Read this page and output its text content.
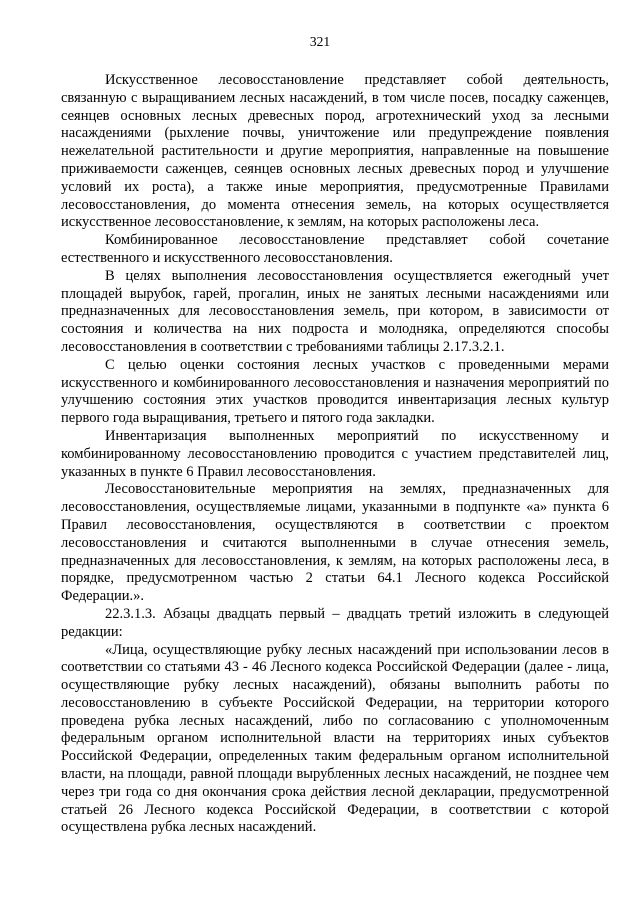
321

Искусственное лесовосстановление представляет собой деятельность, связанную с выращиванием лесных насаждений, в том числе посев, посадку саженцев, сеянцев основных лесных древесных пород, агротехнический уход за лесными насаждениями (рыхление почвы, уничтожение или предупреждение появления нежелательной растительности и другие мероприятия, направленные на повышение приживаемости саженцев, сеянцев основных лесных древесных пород и улучшение условий их роста), а также иные мероприятия, предусмотренные Правилами лесовосстановления, до момента отнесения земель, на которых осуществляется искусственное лесовосстановление, к землям, на которых расположены леса.

Комбинированное лесовосстановление представляет собой сочетание естественного и искусственного лесовосстановления.

В целях выполнения лесовосстановления осуществляется ежегодный учет площадей вырубок, гарей, прогалин, иных не занятых лесными насаждениями или предназначенных для лесовосстановления земель, при котором, в зависимости от состояния и количества на них подроста и молодняка, определяются способы лесовосстановления в соответствии с требованиями таблицы 2.17.3.2.1.

С целью оценки состояния лесных участков с проведенными мерами искусственного и комбинированного лесовосстановления и назначения мероприятий по улучшению состояния этих участков проводится инвентаризация лесных культур первого года выращивания, третьего и пятого года закладки.

Инвентаризация выполненных мероприятий по искусственному и комбинированному лесовосстановлению проводится с участием представителей лиц, указанных в пункте 6 Правил лесовосстановления.

Лесовосстановительные мероприятия на землях, предназначенных для лесовосстановления, осуществляемые лицами, указанными в подпункте «а» пункта 6 Правил лесовосстановления, осуществляются в соответствии с проектом лесовосстановления и считаются выполненными в случае отнесения земель, предназначенных для лесовосстановления, к землям, на которых расположены леса, в порядке, предусмотренном частью 2 статьи 64.1 Лесного кодекса Российской Федерации.».

22.3.1.3. Абзацы двадцать первый – двадцать третий изложить в следующей редакции:

«Лица, осуществляющие рубку лесных насаждений при использовании лесов в соответствии со статьями 43 - 46 Лесного кодекса Российской Федерации (далее - лица, осуществляющие рубку лесных насаждений), обязаны выполнить работы по лесовосстановлению в субъекте Российской Федерации, на территории которого проведена рубка лесных насаждений, либо по согласованию с уполномоченным федеральным органом исполнительной власти на территориях иных субъектов Российской Федерации, определенных таким федеральным органом исполнительной власти, на площади, равной площади вырубленных лесных насаждений, не позднее чем через три года со дня окончания срока действия лесной декларации, предусмотренной статьей 26 Лесного кодекса Российской Федерации, в соответствии с которой осуществлена рубка лесных насаждений.
